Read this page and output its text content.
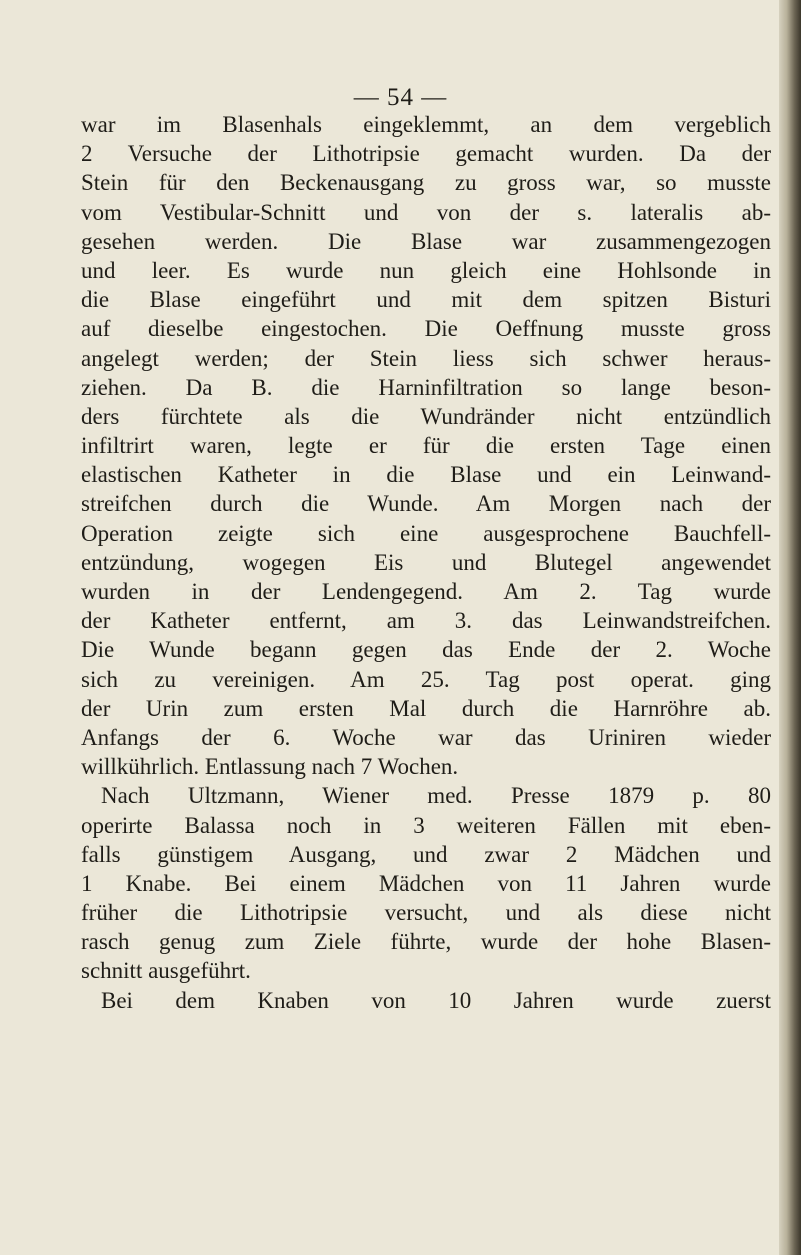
— 54 —
war im Blasenhals eingeklemmt, an dem vergeblich
2 Versuche der Lithotripsie gemacht wurden. Da der
Stein für den Beckenausgang zu gross war, so musste
vom Vestibular-Schnitt und von der s. lateralis ab-
gesehen werden. Die Blase war zusammengezogen
und leer. Es wurde nun gleich eine Hohlsonde in
die Blase eingeführt und mit dem spitzen Bisturi
auf dieselbe eingestochen. Die Oeffnung musste gross
angelegt werden; der Stein liess sich schwer heraus-
ziehen. Da B. die Harninfiltration so lange beson-
ders fürchtete als die Wundränder nicht entzündlich
infiltrirt waren, legte er für die ersten Tage einen
elastischen Katheter in die Blase und ein Leinwand-
streifchen durch die Wunde. Am Morgen nach der
Operation zeigte sich eine ausgesprochene Bauchfell-
entzündung, wogegen Eis und Blutegel angewendet
wurden in der Lendengegend. Am 2. Tag wurde
der Katheter entfernt, am 3. das Leinwandstreifchen.
Die Wunde begann gegen das Ende der 2. Woche
sich zu vereinigen. Am 25. Tag post operat. ging
der Urin zum ersten Mal durch die Harnröhre ab.
Anfangs der 6. Woche war das Uriniren wieder
willkührlich. Entlassung nach 7 Wochen.
Nach Ultzmann, Wiener med. Presse 1879 p. 80
operirte Balassa noch in 3 weiteren Fällen mit eben-
falls günstigem Ausgang, und zwar 2 Mädchen und
1 Knabe. Bei einem Mädchen von 11 Jahren wurde
früher die Lithotripsie versucht, und als diese nicht
rasch genug zum Ziele führte, wurde der hohe Blasen-
schnitt ausgeführt.
Bei dem Knaben von 10 Jahren wurde zuerst
